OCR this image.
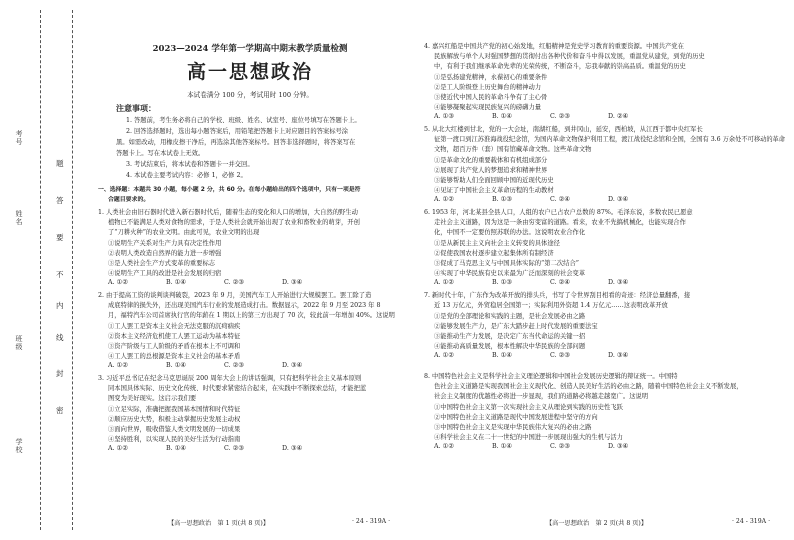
考号
姓名
班级
学校
题
答
要
不
内
线
封
密
2023—2024 学年第一学期高中期末教学质量检测
高一思想政治
本试卷满分 100 分，考试用时 100 分钟。
注意事项：
1. 答题前，考生务必将自己的学校、班级、姓名、试室号、座位号填写在答题卡上。
2. 回答选择题时，选出每小题答案后，用铅笔把答题卡上对应题目的答案标号涂
黑。如需改动，用橡皮擦干净后，再选涂其他答案标号。回答非选择题时，将答案写在
答题卡上。写在本试卷上无效。
3. 考试结束后，将本试卷和答题卡一并交回。
4. 本试卷主要考试内容：必修 1，必修 2。
一、选择题：本题共 30 小题，每小题 2 分，共 60 分。在每小题给出的四个选项中，只有一项是符
合题目要求的。
1. 人类社会由旧石器时代进入新石器时代后，随着生态的变化和人口的增加，大自然的野生动
植物已不能满足人类对食物的需求，于是人类社会就开始出现了农业和畜牧业的萌芽，开创
了“刀耕火种”的农业文明。由此可见，农业文明的出现
①说明生产关系对生产力具有决定性作用
②表明人类改造自然界的能力进一步增强
③是人类社会生产方式变革的重要标志
④说明生产工具的改进是社会发展的归宿
A. ①②	B. ①④	C. ②③	D. ③④
2. 由于提高工资的谈判谈判破裂，2023 年 9 月，美国汽车工人开始进行大规模罢工。罢工除了造
成底特律的损失外，还出现美国汽车行业的发展造成打击。数据显示，2022 年 9 月至 2023 年 8
月，福特汽车公司首席执行官的年薪在 1 期以上的第三方出现了 70 次，较此前一年增加 40%。这说明
①工人罢工是资本主义社会无法克服的沉疴痼疾
②资本主义经济危机使工人罢工运动为基本特征
③资产阶级与工人阶级的矛盾在根本上不可调和
④工人罢工的总根源是资本主义社会的基本矛盾
A. ①②	B. ①④	C. ②③	D. ③④
3. 习近平总书记在纪念马克思诞辰 200 周年大会上的讲话强调，只有把科学社会主义基本原则
同本国具体实际、历史文化传统、时代要求紧密结合起来，在实践中不断探索总结，才能把蓝
图变为美好现实。这启示我们要
①立足实际，准确把握我国基本国情和时代特征
②顺应历史大势，积极主动掌握历史发展主动权
③面向世界，吸收借鉴人类文明发展的一切成果
④坚持胜利，以实现人民的美好生活为行动指南
A. ①②	B. ①④	C. ②③	D. ③④
【高一思想政治　第 1 页(共 8 页)】	· 24 - 319A ·
4. 嘉兴红船是中国共产党的初心始发地，红船精神是党史学习教育的重要资源。中国共产党在
民族解放与单个人对强国梦想的贯彻付出各种代价和奋斗中得以发展，重温党从建党，到党的历史
中，有利于我们继承革命先辈的光荣传统，不断奋斗，忘我奉献的崇高品质。重温党的历史
①是弘扬建党精神，永葆初心的重要条件
②是工人阶级登上历史舞台的精神动力
③使近代中国人民的革命斗争有了主心骨
④能够凝聚起实现民族复兴的磅礴力量
A. ①③	B. ①④	C. ②③	D. ②④
5. 从北大红楼到甘北，党的一大会址，南湖红船，到井冈山，延安，西柏坡，从江西于都中央红军长
征第一渡口到江苏淮海战役纪念馆，为国内革命文物保护利用工程，渡江战役纪念馆和全国，全国有 3.6 万余处不可移动的革命
文物，超百万件（套）国有馆藏革命文物。这些革命文物
①是革命文化的重要载体和有机组成部分
②展现了共产党人的梦想追求和精神世界
③能够帮助人们全面回顾中国的近现代历史
④见证了中国社会主义革命历程的生动教材
A. ①②	B. ①③	C. ②④	D. ③④
6. 1953 年，河北某县全县人口，人组的农户已占农户总数的 87%。毛泽东说，多数农民已愿意
走社会主义道路，因为这是一条由穷变富的道路。看来，农业不先搞机械化，也能实现合作
化，中国不一定要仿照苏联的办法。这说明农业合作化
①是从新民主主义向社会主义转变的具体途径
②促使我国农村逐步建立起集体所有制经济
③促成了马克思主义与中国具体实际的“第二次结合”
④实现了中华民族有史以来最为广泛而深刻的社会变革
A. ①②	B. ①③	C. ②④	D. ③④
7. 新时代十年，广东作为改革开放的排头兵，书写了令世界刮目相看的奇迹：经济总量翻番，接
近 13 万亿元，外贸稳居全国第一；实际利用外资超 1.4 万亿元……这表明改革开放
①是党的全部理论和实践的主题，是社会发展必由之路
②能够发展生产力，是广东大踏步赶上时代发展的重要法宝
③能推动生产力发展，是决定广东当代命运的关键一招
④能推动高质量发展，根本性解决中华民族的全部问题
A. ①②	B. ①④	C. ②③	D. ③④
8. 中国特色社会主义是科学社会主义理论逻辑和中国社会发展历史逻辑的辩证统一。中国特
色社会主义道路是实现我国社会主义现代化、创造人民美好生活的必由之路，随着中国特色社会主义不断发展，
社会主义制度的优越性必将进一步显现，我们的道路必将越走越宽广。这说明
①中国特色社会主义第一次实现社会主义从理论到实践的历史性飞跃
②中国特色社会主义道路是现代中国发展进程中坚守的方向
③中国特色社会主义是实现中华民族伟大复兴的必由之路
④科学社会主义在二十一世纪的中国进一步展现出强大的生机与活力
A. ①②	B. ①④	C. ②③	D. ③④
【高一思想政治　第 2 页(共 8 页)】	· 24 - 319A ·
